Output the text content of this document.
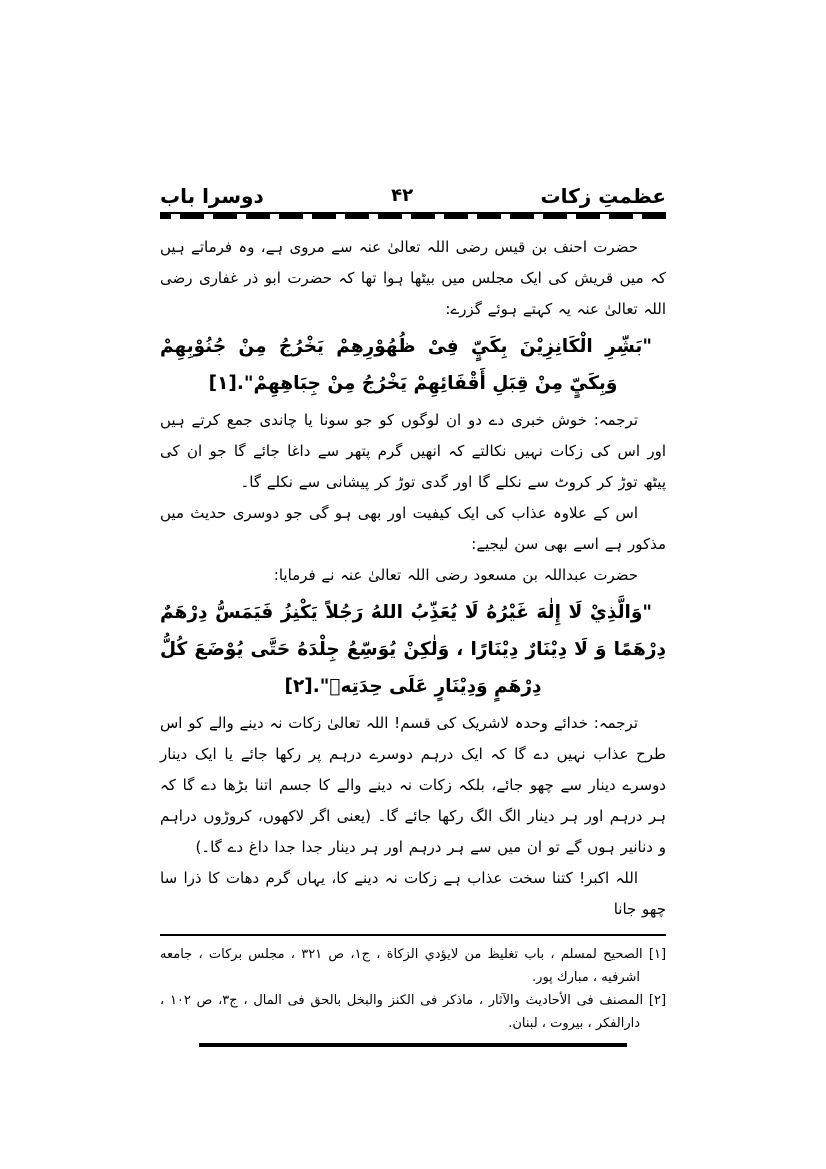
عظمتِ زکات
۴۲
دوسرا باب

حضرت احنف بن قیس رضی اللہ تعالیٰ عنہ سے مروی ہے، وہ فرماتے ہیں کہ میں قریش کی ایک مجلس میں بیٹھا ہوا تھا کہ حضرت ابو ذر غفاری رضی اللہ تعالیٰ عنہ یہ کہتے ہوئے گزرے:

"بَشِّرِ الْكَانِزِيْنَ بِكَيٍّ فِىْ ظُهُوْرِهِمْ يَخْرُجُ مِنْ جُنُوْبِهِمْ وَبِكَيٍّ مِنْ قِبَلِ أَقْفَائِهِمْ يَخْرُجُ مِنْ جِبَاهِهِمْ".[۱]

ترجمہ: خوش خبری دے دو ان لوگوں کو جو سونا یا چاندی جمع کرتے ہیں اور اس کی زکات نہیں نکالتے کہ انھیں گرم پتھر سے داغا جائے گا جو ان کی پیٹھ توڑ کر کروٹ سے نکلے گا اور گدی توڑ کر پیشانی سے نکلے گا۔

اس کے علاوہ عذاب کی ایک کیفیت اور بھی ہو گی جو دوسری حدیث میں مذکور ہے اسے بھی سن لیجیے:

حضرت عبداللہ بن مسعود رضی اللہ تعالیٰ عنہ نے فرمایا:

"وَالَّذِيْ لَا إِلٰهَ غَيْرُهُ لَا يُعَذِّبُ اللهُ رَجُلاً يَكْنِزُ فَيَمَسُّ دِرْهَمٌ دِرْهَمًا وَ لَا دِيْنَارٌ دِيْنَارًا ، وَلٰكِنْ يُوَسِّعُ جِلْدَهُ حَتَّى يُوْضَعَ كُلُّ دِرْهَمٍ وَدِيْنَارٍ عَلَى حِدَتِهٖ".[۲]

ترجمہ: خدائے وحدہ لاشریک کی قسم! اللہ تعالیٰ زکات نہ دینے والے کو اس طرح عذاب نہیں دے گا کہ ایک درہم دوسرے درہم پر رکھا جائے یا ایک دینار دوسرے دینار سے چھو جائے، بلکہ زکات نہ دینے والے کا جسم اتنا بڑھا دے گا کہ ہر درہم اور ہر دینار الگ الگ رکھا جائے گا۔ (یعنی اگر لاکھوں، کروڑوں دراہم و دنانیر ہوں گے تو ان میں سے ہر درہم اور ہر دینار جدا جدا داغ دے گا۔)

اللہ اکبر! کتنا سخت عذاب ہے زکات نہ دینے کا، یہاں گرم دھات کا ذرا سا چھو جانا

[۱] الصحيح لمسلم ، باب تغليظ من لايؤدي الزكاة ، ج۱، ص ۳۲۱ ، مجلس بركات ، جامعه اشرفيه ، مبارك پور.

[۲] المصنف فى الأحاديث والآثار ، ماذكر فى الكنز والبخل بالحق فى المال ، ج۳، ص ۱۰۲ ، دارالفكر ، بيروت ، لبنان.
